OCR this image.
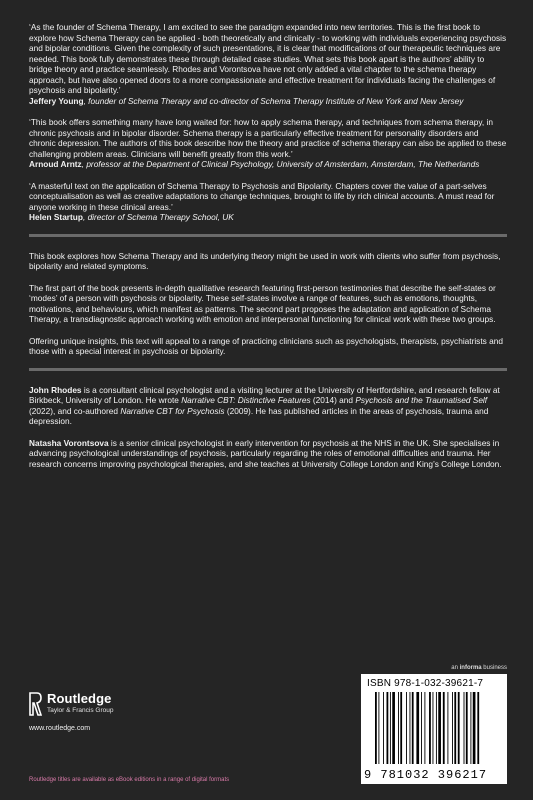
‘As the founder of Schema Therapy, I am excited to see the paradigm expanded into new territories. This is the first book to explore how Schema Therapy can be applied - both theoretically and clinically - to working with individuals experiencing psychosis and bipolar conditions. Given the complexity of such presentations, it is clear that modifications of our therapeutic techniques are needed. This book fully demonstrates these through detailed case studies. What sets this book apart is the authors’ ability to bridge theory and practice seamlessly. Rhodes and Vorontsova have not only added a vital chapter to the schema therapy approach, but have also opened doors to a more compassionate and effective treatment for individuals facing the challenges of psychosis and bipolarity.’
Jeffery Young, founder of Schema Therapy and co-director of Schema Therapy Institute of New York and New Jersey
‘This book offers something many have long waited for: how to apply schema therapy, and techniques from schema therapy, in chronic psychosis and in bipolar disorder. Schema therapy is a particularly effective treatment for personality disorders and chronic depression. The authors of this book describe how the theory and practice of schema therapy can also be applied to these challenging problem areas. Clinicians will benefit greatly from this work.’
Arnoud Arntz, professor at the Department of Clinical Psychology, University of Amsterdam, Amsterdam, The Netherlands
‘A masterful text on the application of Schema Therapy to Psychosis and Bipolarity. Chapters cover the value of a part-selves conceptualisation as well as creative adaptations to change techniques, brought to life by rich clinical accounts. A must read for anyone working in these clinical areas.’
Helen Startup, director of Schema Therapy School, UK
This book explores how Schema Therapy and its underlying theory might be used in work with clients who suffer from psychosis, bipolarity and related symptoms.
The first part of the book presents in-depth qualitative research featuring first-person testimonies that describe the self-states or ‘modes’ of a person with psychosis or bipolarity. These self-states involve a range of features, such as emotions, thoughts, motivations, and behaviours, which manifest as patterns. The second part proposes the adaptation and application of Schema Therapy, a transdiagnostic approach working with emotion and interpersonal functioning for clinical work with these two groups.
Offering unique insights, this text will appeal to a range of practicing clinicians such as psychologists, therapists, psychiatrists and those with a special interest in psychosis or bipolarity.
John Rhodes is a consultant clinical psychologist and a visiting lecturer at the University of Hertfordshire, and research fellow at Birkbeck, University of London. He wrote Narrative CBT: Distinctive Features (2014) and Psychosis and the Traumatised Self (2022), and co-authored Narrative CBT for Psychosis (2009). He has published articles in the areas of psychosis, trauma and depression.
Natasha Vorontsova is a senior clinical psychologist in early intervention for psychosis at the NHS in the UK. She specialises in advancing psychological understandings of psychosis, particularly regarding the roles of emotional difficulties and trauma. Her research concerns improving psychological therapies, and she teaches at University College London and King’s College London.
Routledge
Taylor & Francis Group
www.routledge.com
Routledge titles are available as eBook editions in a range of digital formats
an informa business
ISBN 978-1-032-39621-7
9 781032 396217
